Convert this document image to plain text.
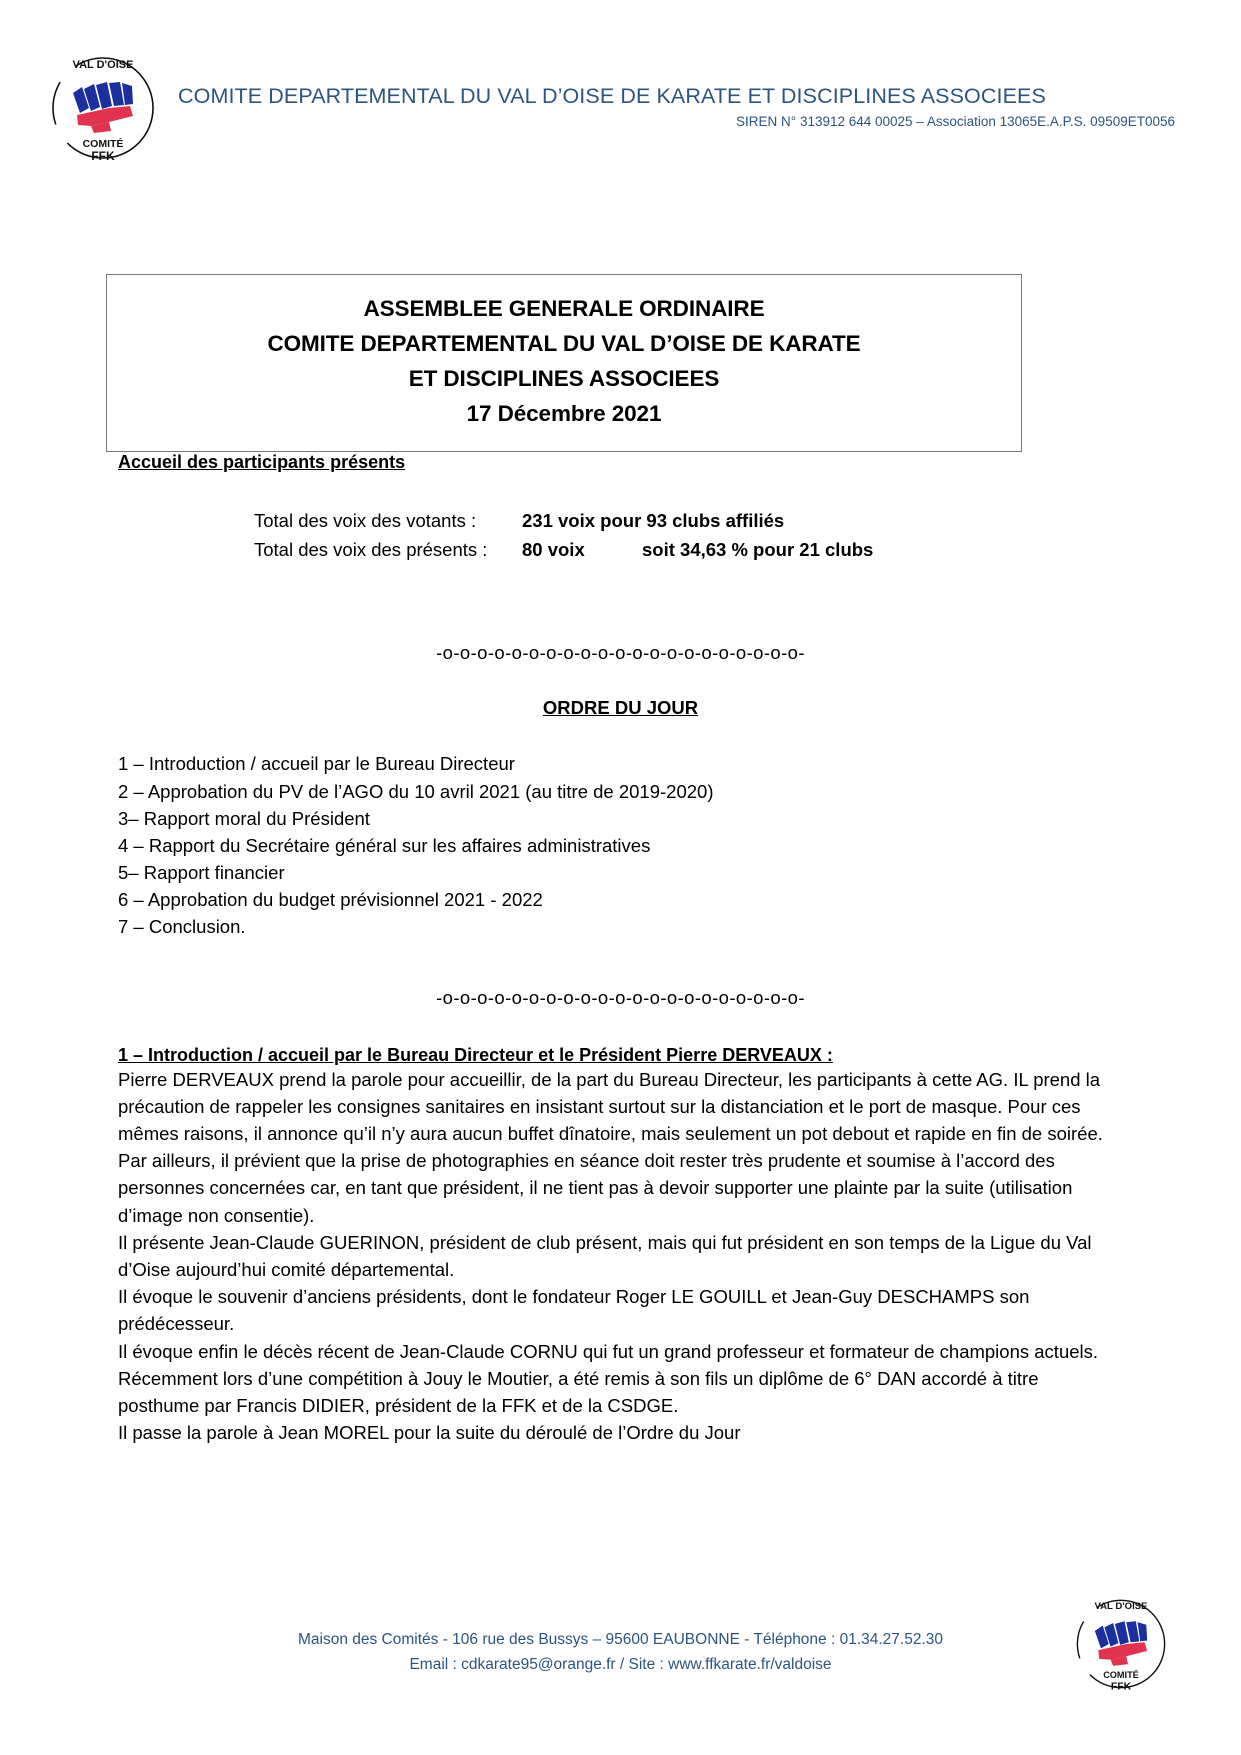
VAL D'OISE
COMITÉ
FFK
COMITE DEPARTEMENTAL DU VAL D’OISE DE KARATE ET DISCIPLINES ASSOCIEES
SIREN N° 313912 644 00025 – Association 13065E.A.P.S. 09509ET0056
ASSEMBLEE GENERALE ORDINAIRE
COMITE DEPARTEMENTAL DU VAL D’OISE DE KARATE
ET DISCIPLINES ASSOCIEES
17 Décembre 2021
Accueil des participants présents
Total des voix des votants :	231 voix pour 93 clubs affiliés
Total des voix des présents :	80 voix	soit 34,63 % pour 21 clubs
-o-o-o-o-o-o-o-o-o-o-o-o-o-o-o-o-o-o-o-o-o-
ORDRE DU JOUR
1 – Introduction / accueil par le Bureau Directeur
2 – Approbation du PV de l’AGO du 10 avril 2021 (au titre de 2019-2020)
3– Rapport moral du Président
4 – Rapport du Secrétaire général sur les affaires administratives
5– Rapport financier
6 – Approbation du budget prévisionnel 2021 - 2022
7 – Conclusion.
-o-o-o-o-o-o-o-o-o-o-o-o-o-o-o-o-o-o-o-o-o-
1 – Introduction / accueil par le Bureau Directeur et le Président Pierre DERVEAUX :

Pierre DERVEAUX prend la parole pour accueillir, de la part du Bureau Directeur, les participants à cette AG. IL prend la précaution de rappeler les consignes sanitaires en insistant surtout sur la distanciation et le port de masque. Pour ces mêmes raisons, il annonce qu’il n’y aura aucun buffet dînatoire, mais seulement un pot debout et rapide en fin de soirée.

Par ailleurs, il prévient que la prise de photographies en séance doit rester très prudente et soumise à l’accord des personnes concernées car, en tant que président, il ne tient pas à devoir supporter une plainte par la suite (utilisation d’image non consentie).

Il présente Jean-Claude GUERINON, président de club présent, mais qui fut président en son temps de la Ligue du Val d’Oise aujourd’hui comité départemental.

Il évoque le souvenir d’anciens présidents, dont le fondateur Roger LE GOUILL et Jean-Guy DESCHAMPS son prédécesseur.

Il évoque enfin le décès récent de Jean-Claude CORNU qui fut un grand professeur et formateur de champions actuels. Récemment lors d’une compétition à Jouy le Moutier, a été remis à son fils un diplôme de 6° DAN accordé à titre posthume par Francis DIDIER, président de la FFK et de la CSDGE.

Il passe la parole à Jean MOREL pour la suite du déroulé de l’Ordre du Jour

Maison des Comités - 106 rue des Bussys – 95600 EAUBONNE - Téléphone : 01.34.27.52.30
Email : cdkarate95@orange.fr / Site : www.ffkarate.fr/valdoise
VAL D'OISE
COMITÉ
FFK
